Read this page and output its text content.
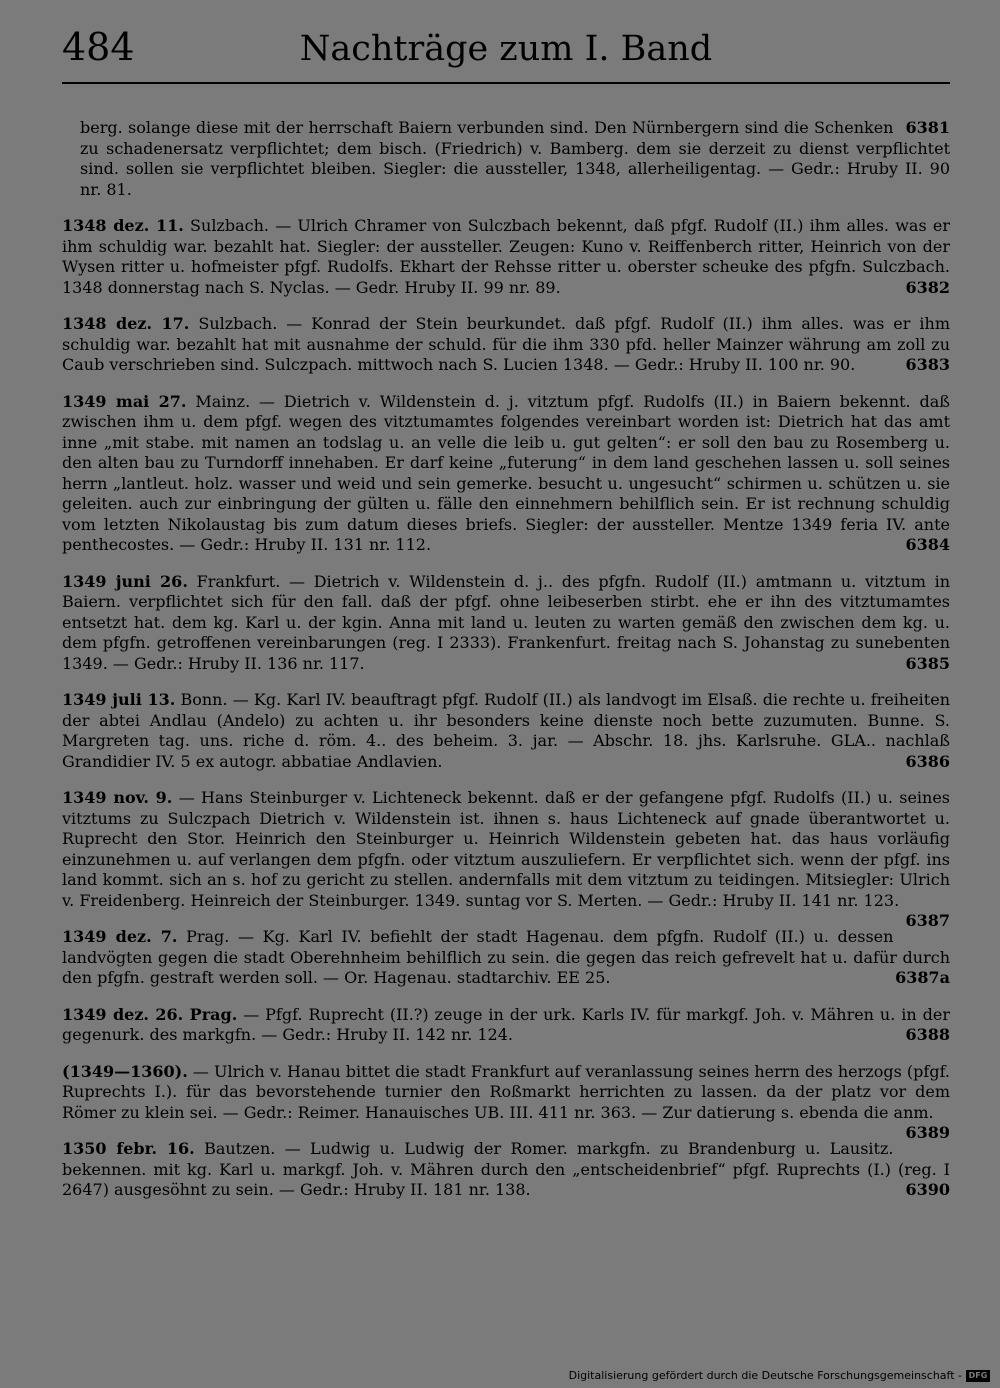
484	Nachträge zum I. Band

6381
berg. solange diese mit der herrschaft Baiern verbunden sind. Den Nürnbergern sind die Schenken zu schadenersatz verpflichtet; dem bisch. (Friedrich) v. Bamberg. dem sie derzeit zu dienst verpflichtet sind. sollen sie verpflichtet bleiben. Siegler: die aussteller, 1348, allerheiligentag. — Gedr.: Hruby II. 90 nr. 81.

1348 dez. 11. Sulzbach. — Ulrich Chramer von Sulczbach bekennt, daß pfgf. Rudolf (II.) ihm alles. was er ihm schuldig war. bezahlt hat. Siegler: der aussteller. Zeugen: Kuno v. Reiffenberch ritter, Heinrich von der Wysen ritter u. hofmeister pfgf. Rudolfs. Ekhart der Rehsse ritter u. oberster scheuke des pfgfn. Sulczbach. 1348 donnerstag nach S. Nyclas. — Gedr. Hruby II. 99 nr. 89.	6382

1348 dez. 17. Sulzbach. — Konrad der Stein beurkundet. daß pfgf. Rudolf (II.) ihm alles. was er ihm schuldig war. bezahlt hat mit ausnahme der schuld. für die ihm 330 pfd. heller Mainzer währung am zoll zu Caub verschrieben sind. Sulczpach. mittwoch nach S. Lucien 1348. — Gedr.: Hruby II. 100 nr. 90.	6383

1349 mai 27. Mainz. — Dietrich v. Wildenstein d. j. vitztum pfgf. Rudolfs (II.) in Baiern bekennt. daß zwischen ihm u. dem pfgf. wegen des vitztumamtes folgendes vereinbart worden ist: Dietrich hat das amt inne „mit stabe. mit namen an todslag u. an velle die leib u. gut gelten“: er soll den bau zu Rosemberg u. den alten bau zu Turndorff innehaben. Er darf keine „futerung“ in dem land geschehen lassen u. soll seines herrn „lantleut. holz. wasser und weid und sein gemerke. besucht u. ungesucht“ schirmen u. schützen u. sie geleiten. auch zur einbringung der gülten u. fälle den einnehmern behilflich sein. Er ist rechnung schuldig vom letzten Nikolaustag bis zum datum dieses briefs. Siegler: der aussteller. Mentze 1349 feria IV. ante penthecostes. — Gedr.: Hruby II. 131 nr. 112.	6384

1349 juni 26. Frankfurt. — Dietrich v. Wildenstein d. j.. des pfgfn. Rudolf (II.) amtmann u. vitztum in Baiern. verpflichtet sich für den fall. daß der pfgf. ohne leibeserben stirbt. ehe er ihn des vitztumamtes entsetzt hat. dem kg. Karl u. der kgin. Anna mit land u. leuten zu warten gemäß den zwischen dem kg. u. dem pfgfn. getroffenen vereinbarungen (reg. I 2333). Frankenfurt. freitag nach S. Johanstag zu sunebenten 1349. — Gedr.: Hruby II. 136 nr. 117.	6385

1349 juli 13. Bonn. — Kg. Karl IV. beauftragt pfgf. Rudolf (II.) als landvogt im Elsaß. die rechte u. freiheiten der abtei Andlau (Andelo) zu achten u. ihr besonders keine dienste noch bette zuzumuten. Bunne. S. Margreten tag. uns. riche d. röm. 4.. des beheim. 3. jar. — Abschr. 18. jhs. Karlsruhe. GLA.. nachlaß Grandidier IV. 5 ex autogr. abbatiae Andlavien.	6386

1349 nov. 9. — Hans Steinburger v. Lichteneck bekennt. daß er der gefangene pfgf. Rudolfs (II.) u. seines vitztums zu Sulczpach Dietrich v. Wildenstein ist. ihnen s. haus Lichteneck auf gnade überantwortet u. Ruprecht den Stor. Heinrich den Steinburger u. Heinrich Wildenstein gebeten hat. das haus vorläufig einzunehmen u. auf verlangen dem pfgfn. oder vitztum auszuliefern. Er verpflichtet sich. wenn der pfgf. ins land kommt. sich an s. hof zu gericht zu stellen. andernfalls mit dem vitztum zu teidingen. Mitsiegler: Ulrich v. Freidenberg. Heinreich der Steinburger. 1349. suntag vor S. Merten. — Gedr.: Hruby II. 141 nr. 123.
6387

1349 dez. 7. Prag. — Kg. Karl IV. befiehlt der stadt Hagenau. dem pfgfn. Rudolf (II.) u. dessen landvögten gegen die stadt Oberehnheim behilflich zu sein. die gegen das reich gefrevelt hat u. dafür durch den pfgfn. gestraft werden soll. — Or. Hagenau. stadtarchiv. EE 25.	6387a

1349 dez. 26. Prag. — Pfgf. Ruprecht (II.?) zeuge in der urk. Karls IV. für markgf. Joh. v. Mähren u. in der gegenurk. des markgfn. — Gedr.: Hruby II. 142 nr. 124.	6388

(1349—1360). — Ulrich v. Hanau bittet die stadt Frankfurt auf veranlassung seines herrn des herzogs (pfgf. Ruprechts I.). für das bevorstehende turnier den Roßmarkt herrichten zu lassen. da der platz vor dem Römer zu klein sei. — Gedr.: Reimer. Hanauisches UB. III. 411 nr. 363. — Zur datierung s. ebenda die anm.
6389

1350 febr. 16. Bautzen. — Ludwig u. Ludwig der Romer. markgfn. zu Brandenburg u. Lausitz. bekennen. mit kg. Karl u. markgf. Joh. v. Mähren durch den „entscheidenbrief“ pfgf. Ruprechts (I.) (reg. I 2647) ausgesöhnt zu sein. — Gedr.: Hruby II. 181 nr. 138.	6390

Digitalisierung gefördert durch die Deutsche Forschungsgemeinschaft - DFG
